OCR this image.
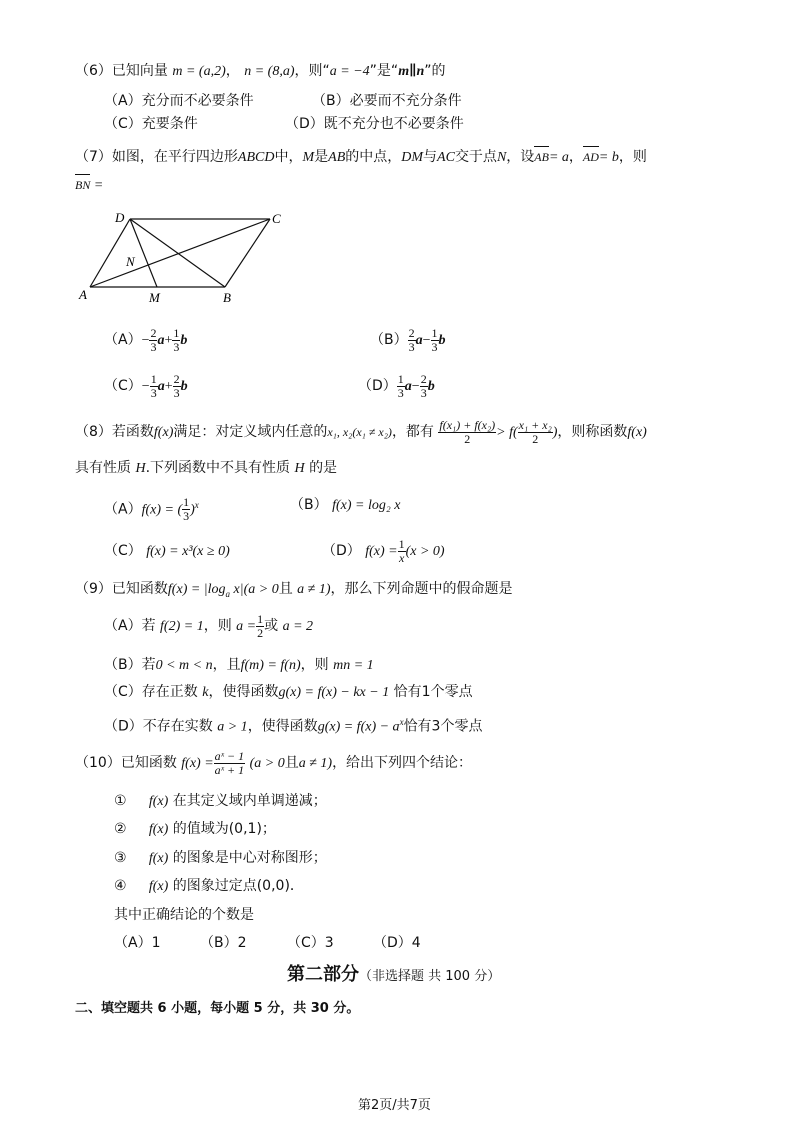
（6）已知向量 m = (a,2)， n = (8,a)，则“a = −4”是“m∥n”的
（A）充分而不必要条件	（B）必要而不充分条件
（C）充要条件	（D）既不充分也不必要条件
（7）如图，在平行四边形ABCD中，M是AB的中点，DM与AC交于点N，设AB= a，AD= b，则
BN =
D	C
N
A	M	B
$(A)- \frac{2}{3} a+ \frac{1}{3}$ b	$(B) \frac{2}{3} a- \frac{1}{3}$ b
$(C)- \frac{1}{3} a+ \frac{2}{3}$ b	$(D) \frac{1}{3} a- \frac{2}{3}$ b
（8）若函数f(x)满足：对定义域内任意的x₁, x₂(x₁ ≠ x₂)，都有 $\frac{\text{f(x₁) + f(x₂)}}{2} > f( \frac{\text{x₁ + x₂}}{2}$ )，则称函数f(x)
具有性质 H.下列函数中不具有性质 H 的是
（A）f(x) = ( $\frac{1}{3} )^x$	（B） f(x) = log₂ x
（C） f(x) = x³(x ≥ 0)	（D） $f(x) = \frac{1}{x} (x > 0)$
（9）已知函数$f(x) = |\log_a$ x|(a > 0且 a ≠ 1)，那么下列命题中的假命题是
（A）若 f(2) = 1，则 $a = \frac{1}{2}$ 或 a = 2
（B）若0 < m < n，且f(m) = f(n)，则 mn = 1
（C）存在正数 k，使得函数g(x) = f(x) − kx − 1 恰有1个零点
（D）不存在实数 a > 1，使得函数$g(x) = f(x) - a^x$恰有3个零点
（10）已知函数 $f(x) = \frac{\text{aˣ − 1}}{\text{aˣ + 1}} (a > 0$且a ≠ 1)，给出下列四个结论：
① f(x) 在其定义域内单调递减；
② f(x) 的值域为(0,1)；
③ f(x) 的图象是中心对称图形；
④ f(x) 的图象过定点(0,0)．
其中正确结论的个数是
（A）1	（B）2	（C）3	（D）4
第二部分（非选择题 共 100 分）
二、填空题共 6 小题，每小题 5 分，共 30 分。
第2页/共7页
